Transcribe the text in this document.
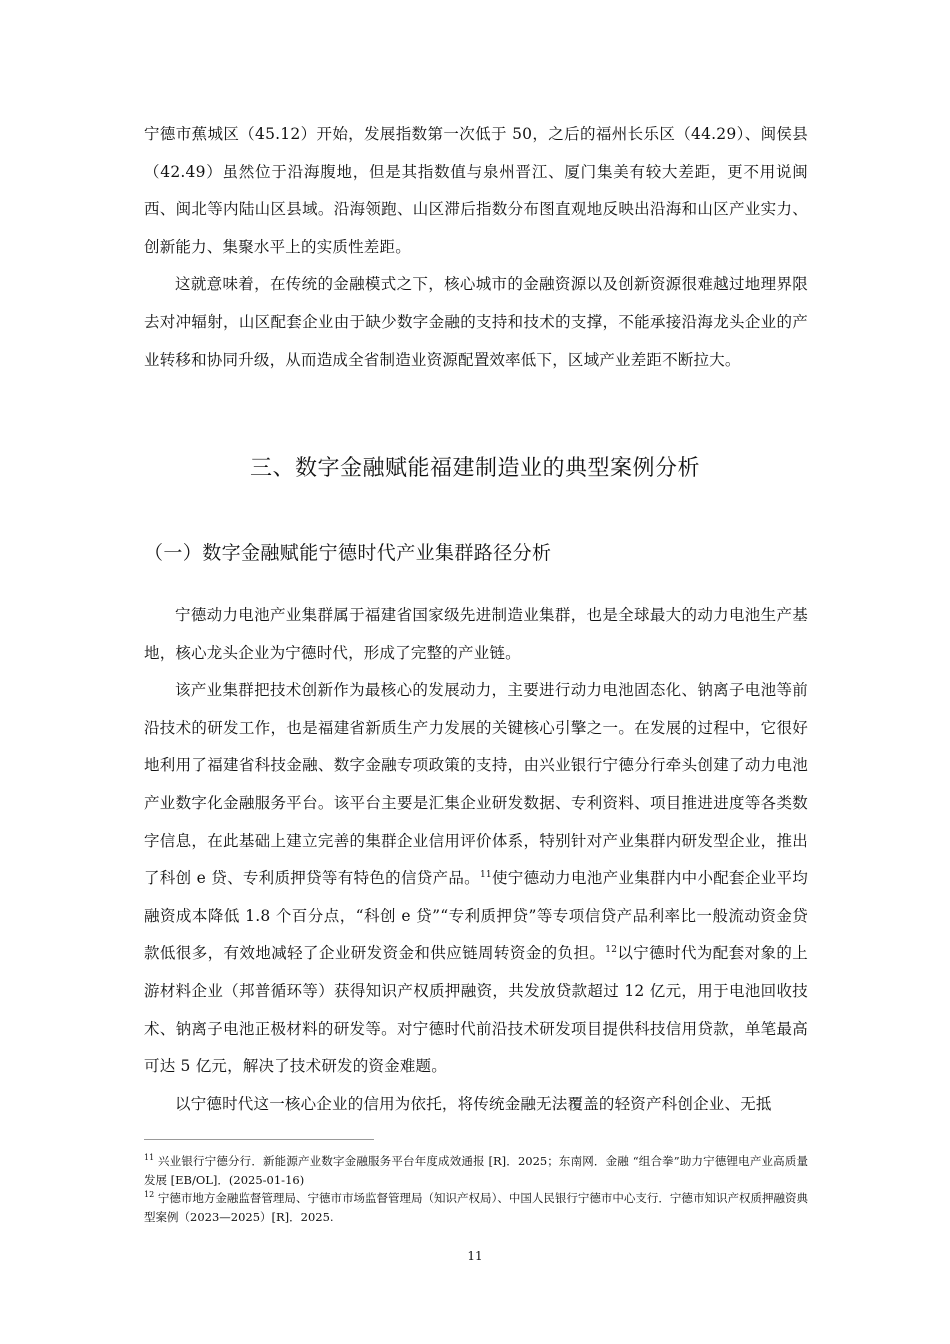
宁德市蕉城区（45.12）开始，发展指数第一次低于 50，之后的福州长乐区（44.29）、闽侯县（42.49）虽然位于沿海腹地，但是其指数值与泉州晋江、厦门集美有较大差距，更不用说闽西、闽北等内陆山区县域。沿海领跑、山区滞后指数分布图直观地反映出沿海和山区产业实力、创新能力、集聚水平上的实质性差距。

这就意味着，在传统的金融模式之下，核心城市的金融资源以及创新资源很难越过地理界限去对冲辐射，山区配套企业由于缺少数字金融的支持和技术的支撑，不能承接沿海龙头企业的产业转移和协同升级，从而造成全省制造业资源配置效率低下，区域产业差距不断拉大。

三、数字金融赋能福建制造业的典型案例分析
（一）数字金融赋能宁德时代产业集群路径分析

宁德动力电池产业集群属于福建省国家级先进制造业集群，也是全球最大的动力电池生产基地，核心龙头企业为宁德时代，形成了完整的产业链。

该产业集群把技术创新作为最核心的发展动力，主要进行动力电池固态化、钠离子电池等前沿技术的研发工作，也是福建省新质生产力发展的关键核心引擎之一。在发展的过程中，它很好地利用了福建省科技金融、数字金融专项政策的支持，由兴业银行宁德分行牵头创建了动力电池产业数字化金融服务平台。该平台主要是汇集企业研发数据、专利资料、项目推进进度等各类数字信息，在此基础上建立完善的集群企业信用评价体系，特别针对产业集群内研发型企业，推出了科创 e 贷、专利质押贷等有特色的信贷产品。$^{11}$使宁德动力电池产业集群内中小配套企业平均融资成本降低 1.8 个百分点，“科创 e 贷”“专利质押贷”等专项信贷产品利率比一般流动资金贷款低很多，有效地减轻了企业研发资金和供应链周转资金的负担。$^{12}$以宁德时代为配套对象的上游材料企业（邦普循环等）获得知识产权质押融资，共发放贷款超过 12 亿元，用于电池回收技术、钠离子电池正极材料的研发等。对宁德时代前沿技术研发项目提供科技信用贷款，单笔最高可达 5 亿元，解决了技术研发的资金难题。

以宁德时代这一核心企业的信用为依托，将传统金融无法覆盖的轻资产科创企业、无抵

$^{11}$ 兴业银行宁德分行．新能源产业数字金融服务平台年度成效通报 [R]．2025；东南网．金融 “组合拳”助力宁德锂电产业高质量发展 [EB/OL]．(2025-01-16)

$^{12}$ 宁德市地方金融监督管理局、宁德市市场监督管理局（知识产权局）、中国人民银行宁德市中心支行．宁德市知识产权质押融资典型案例（2023—2025）[R]．2025.

11
